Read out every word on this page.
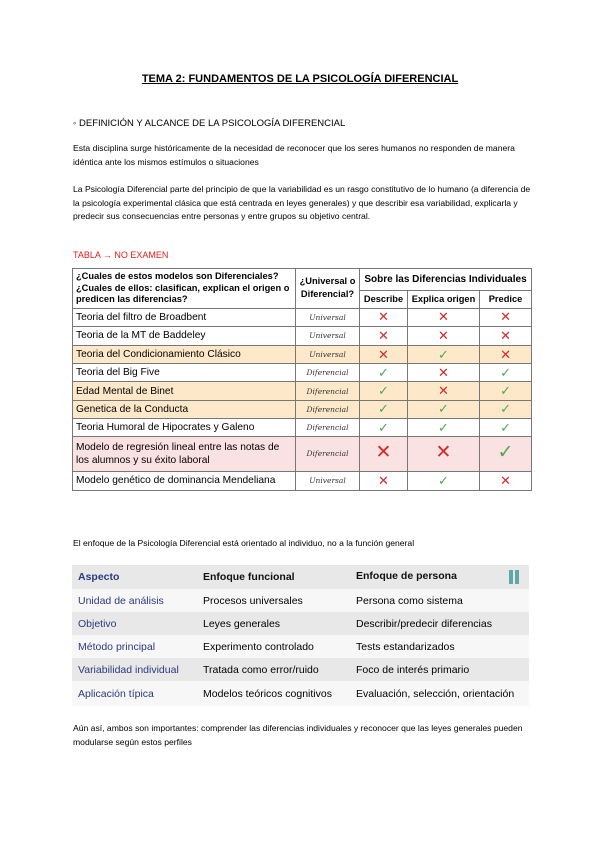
TEMA 2: FUNDAMENTOS DE LA PSICOLOGÍA DIFERENCIAL
◦ DEFINICIÓN Y ALCANCE DE LA PSICOLOGÍA DIFERENCIAL
Esta disciplina surge históricamente de la necesidad de reconocer que los seres humanos no responden de manera idéntica ante los mismos estímulos o situaciones
La Psicología Diferencial parte del principio de que la variabilidad es un rasgo constitutivo de lo humano (a diferencia de la psicología experimental clásica que está centrada en leyes generales) y que describir esa variabilidad, explicarla y predecir sus consecuencias entre personas y entre grupos su objetivo central.
TABLA → NO EXAMEN
¿Cuales de estos modelos son Diferenciales? ¿Cuales de ellos: clasifican, explican el origen o predicen las diferencias?	¿Universal o Diferencial?	Sobre las Diferencias Individuales		
		Describe	Explica origen	Predice
Teoria del filtro de Broadbent	Universal	✕	✕	✕
Teoria de la MT de Baddeley	Universal	✕	✕	✕
Teoria del Condicionamiento Clásico	Universal	✕	✓	✕
Teoria del Big Five	Diferencial	✓	✕	✓
Edad Mental de Binet	Diferencial	✓	✕	✓
Genetica de la Conducta	Diferencial	✓	✓	✓
Teoria Humoral de Hipocrates y Galeno	Diferencial	✓	✓	✓
Modelo de regresión lineal entre las notas de los alumnos y su éxito laboral	Diferencial	✕	✕	✓
Modelo genético de dominancia Mendeliana	Universal	✕	✓	✕
El enfoque de la Psicología Diferencial está orientado al individuo, no a la función general
Aspecto	Enfoque funcional	Enfoque de persona

Unidad de análisis	Procesos universales	Persona como sistema
Objetivo	Leyes generales	Describir/predecir diferencias
Método principal	Experimento controlado	Tests estandarizados
Variabilidad individual	Tratada como error/ruido	Foco de interés primario
Aplicación típica	Modelos teóricos cognitivos	Evaluación, selección, orientación
Aún así, ambos son importantes: comprender las diferencias individuales y reconocer que las leyes generales pueden modularse según estos perfiles
